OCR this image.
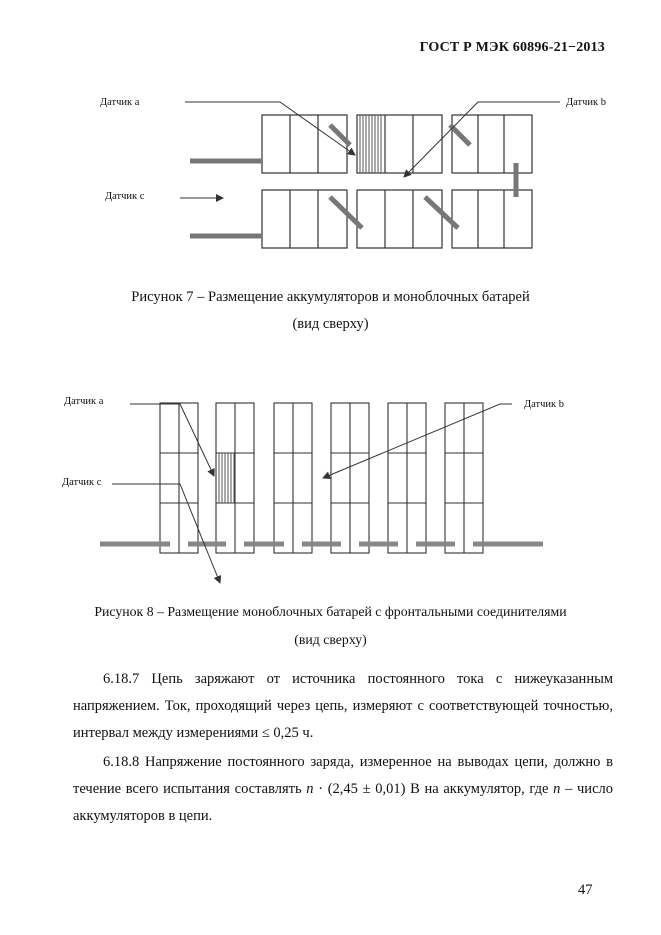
ГОСТ Р МЭК 60896-21−2013
Датчик а	Датчик b
Датчик с
Рисунок 7 – Размещение аккумуляторов и моноблочных батарей
(вид сверху)
Датчик а	Датчик b
Датчик с
Рисунок 8 – Размещение моноблочных батарей с фронтальными соединителями
(вид сверху)
6.18.7 Цепь заряжают от источника постоянного тока с нижеуказанным напряжением. Ток, проходящий через цепь, измеряют с соответствующей точностью, интервал между измерениями ≤ 0,25 ч.
6.18.8 Напряжение постоянного заряда, измеренное на выводах цепи, должно в течение всего испытания составлять n · (2,45 ± 0,01) В на аккумулятор, где n – число аккумуляторов в цепи.
47
